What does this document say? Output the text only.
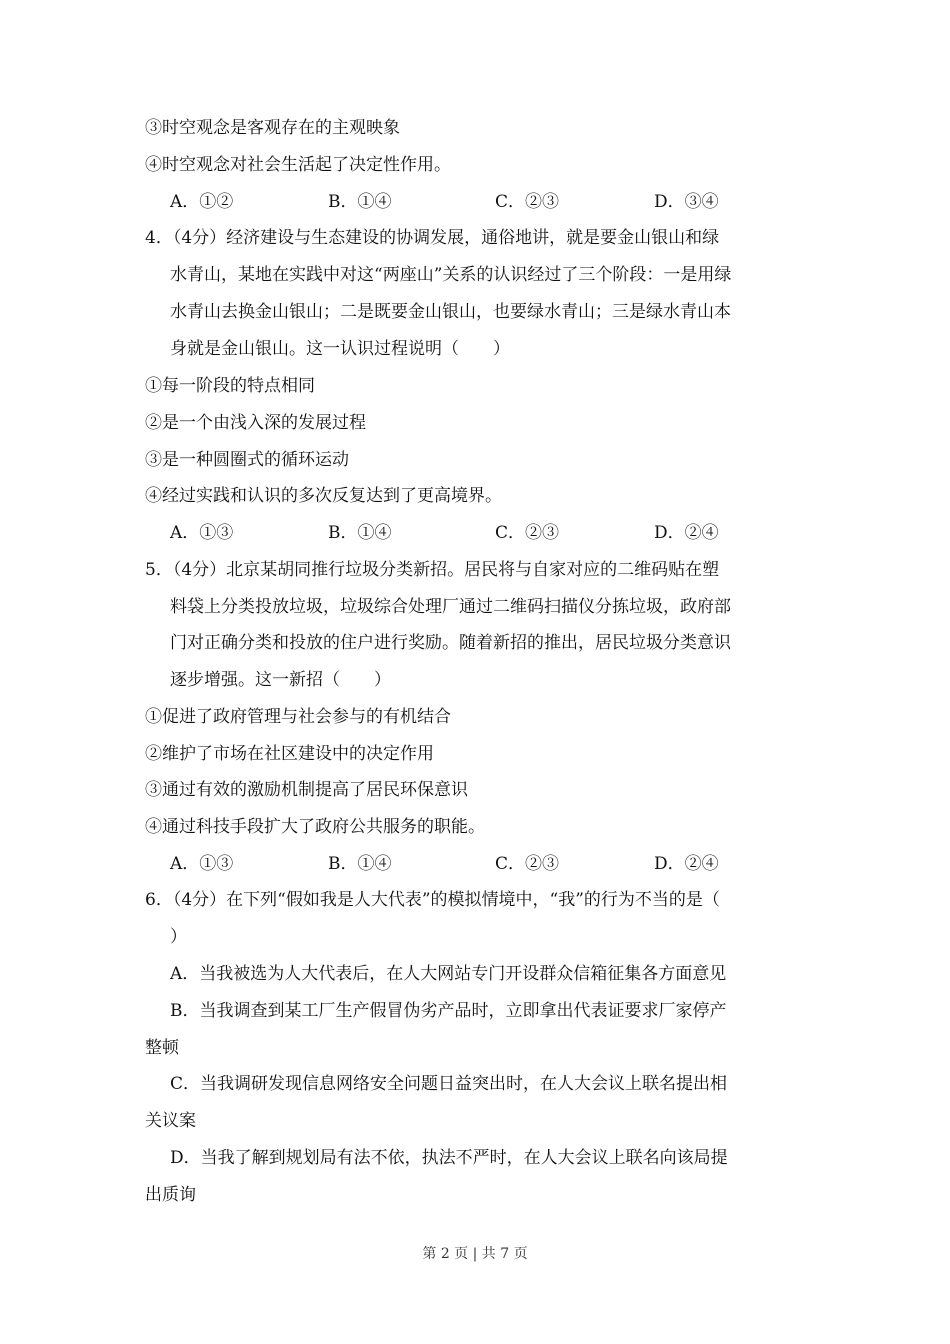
③时空观念是客观存在的主观映象
④时空观念对社会生活起了决定性作用。
A．①②	B．①④	C．②③	D．③④
4．（4分）经济建设与生态建设的协调发展，通俗地讲，就是要金山银山和绿
水青山，某地在实践中对这“两座山”关系的认识经过了三个阶段：一是用绿
水青山去换金山银山；二是既要金山银山，也要绿水青山；三是绿水青山本
身就是金山银山。这一认识过程说明（　　）
①每一阶段的特点相同
②是一个由浅入深的发展过程
③是一种圆圈式的循环运动
④经过实践和认识的多次反复达到了更高境界。
A．①③	B．①④	C．②③	D．②④
5．（4分）北京某胡同推行垃圾分类新招。居民将与自家对应的二维码贴在塑
料袋上分类投放垃圾，垃圾综合处理厂通过二维码扫描仪分拣垃圾，政府部
门对正确分类和投放的住户进行奖励。随着新招的推出，居民垃圾分类意识
逐步增强。这一新招（　　）
①促进了政府管理与社会参与的有机结合
②维护了市场在社区建设中的决定作用
③通过有效的激励机制提高了居民环保意识
④通过科技手段扩大了政府公共服务的职能。
A．①③	B．①④	C．②③	D．②④
6．（4分）在下列“假如我是人大代表”的模拟情境中，“我”的行为不当的是（
）
A．当我被选为人大代表后，在人大网站专门开设群众信箱征集各方面意见
B．当我调查到某工厂生产假冒伪劣产品时，立即拿出代表证要求厂家停产
整顿
C．当我调研发现信息网络安全问题日益突出时，在人大会议上联名提出相
关议案
D．当我了解到规划局有法不依，执法不严时，在人大会议上联名向该局提
出质询
第 2 页 | 共 7 页
